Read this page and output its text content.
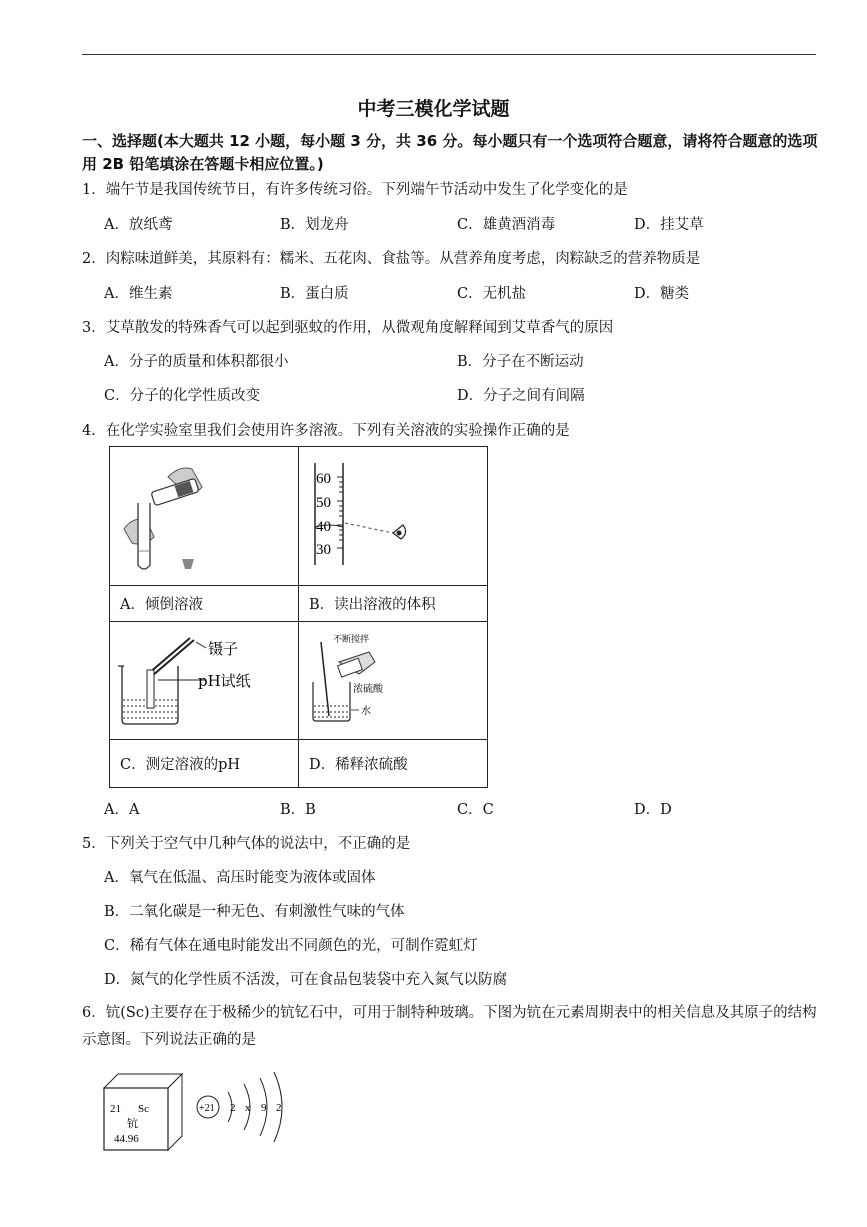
中考三模化学试题
一、选择题(本大题共 12 小题，每小题 3 分，共 36 分。每小题只有一个选项符合题意，请将符合题意的选项用 2B 铅笔填涂在答题卡相应位置。)
1．端午节是我国传统节日，有许多传统习俗。下列端午节活动中发生了化学变化的是
A．放纸鸢	B．划龙舟	C．雄黄酒消毒	D．挂艾草
2．肉粽味道鲜美，其原料有：糯米、五花肉、食盐等。从营养角度考虑，肉粽缺乏的营养物质是
A．维生素	B．蛋白质	C．无机盐	D．糖类
3．艾草散发的特殊香气可以起到驱蚊的作用，从微观角度解释闻到艾草香气的原因
A．分子的质量和体积都很小	B．分子在不断运动
C．分子的化学性质改变	D．分子之间有间隔
4．在化学实验室里我们会使用许多溶液。下列有关溶液的实验操作正确的是

60
50
40
30

A．倾倒溶液	B．读出溶液的体积

镊子
pH试纸	不断搅拌
浓硫酸
水

C．测定溶液的pH	D．稀释浓硫酸
A．A	B．B	C．C	D．D
5．下列关于空气中几种气体的说法中，不正确的是
A．氧气在低温、高压时能变为液体或固体
B．二氧化碳是一种无色、有刺激性气味的气体
C．稀有气体在通电时能发出不同颜色的光，可制作霓虹灯
D．氮气的化学性质不活泼，可在食品包装袋中充入氮气以防腐
6．钪(Sc)主要存在于极稀少的钪钇石中，可用于制特种玻璃。下图为钪在元素周期表中的相关信息及其原子的结构示意图。下列说法正确的是
21 Sc
钪
44.96
+21 2 x 9 2
